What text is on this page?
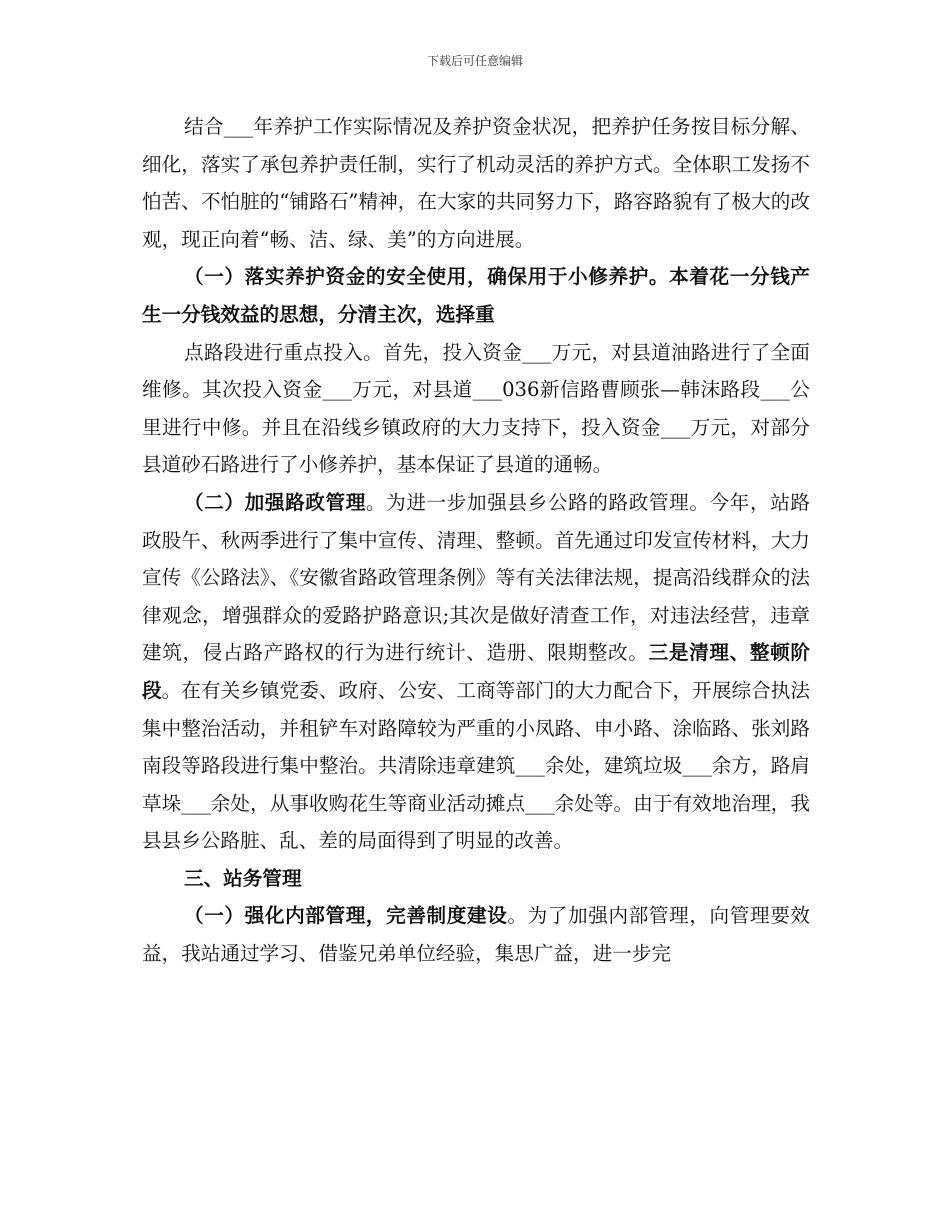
下载后可任意编辑

结合___年养护工作实际情况及养护资金状况，把养护任务按目标分解、细化，落实了承包养护责任制，实行了机动灵活的养护方式。全体职工发扬不怕苦、不怕脏的“铺路石”精神，在大家的共同努力下，路容路貌有了极大的改观，现正向着“畅、洁、绿、美”的方向进展。

（一）落实养护资金的安全使用，确保用于小修养护。本着花一分钱产生一分钱效益的思想，分清主次，选择重

点路段进行重点投入。首先，投入资金___万元，对县道油路进行了全面维修。其次投入资金___万元，对县道___036新信路曹顾张—韩沫路段___公里进行中修。并且在沿线乡镇政府的大力支持下，投入资金___万元，对部分县道砂石路进行了小修养护，基本保证了县道的通畅。

（二）加强路政管理。为进一步加强县乡公路的路政管理。今年，站路政股午、秋两季进行了集中宣传、清理、整顿。首先通过印发宣传材料，大力宣传《公路法》、《安徽省路政管理条例》等有关法律法规，提高沿线群众的法律观念，增强群众的爱路护路意识;其次是做好清查工作，对违法经营，违章建筑，侵占路产路权的行为进行统计、造册、限期整改。三是清理、整顿阶段。在有关乡镇党委、政府、公安、工商等部门的大力配合下，开展综合执法集中整治活动，并租铲车对路障较为严重的小凤路、申小路、涂临路、张刘路南段等路段进行集中整治。共清除违章建筑___余处，建筑垃圾___余方，路肩草垛___余处，从事收购花生等商业活动摊点___余处等。由于有效地治理，我县县乡公路脏、乱、差的局面得到了明显的改善。

三、站务管理

（一）强化内部管理，完善制度建设。为了加强内部管理，向管理要效益，我站通过学习、借鉴兄弟单位经验，集思广益，进一步完
